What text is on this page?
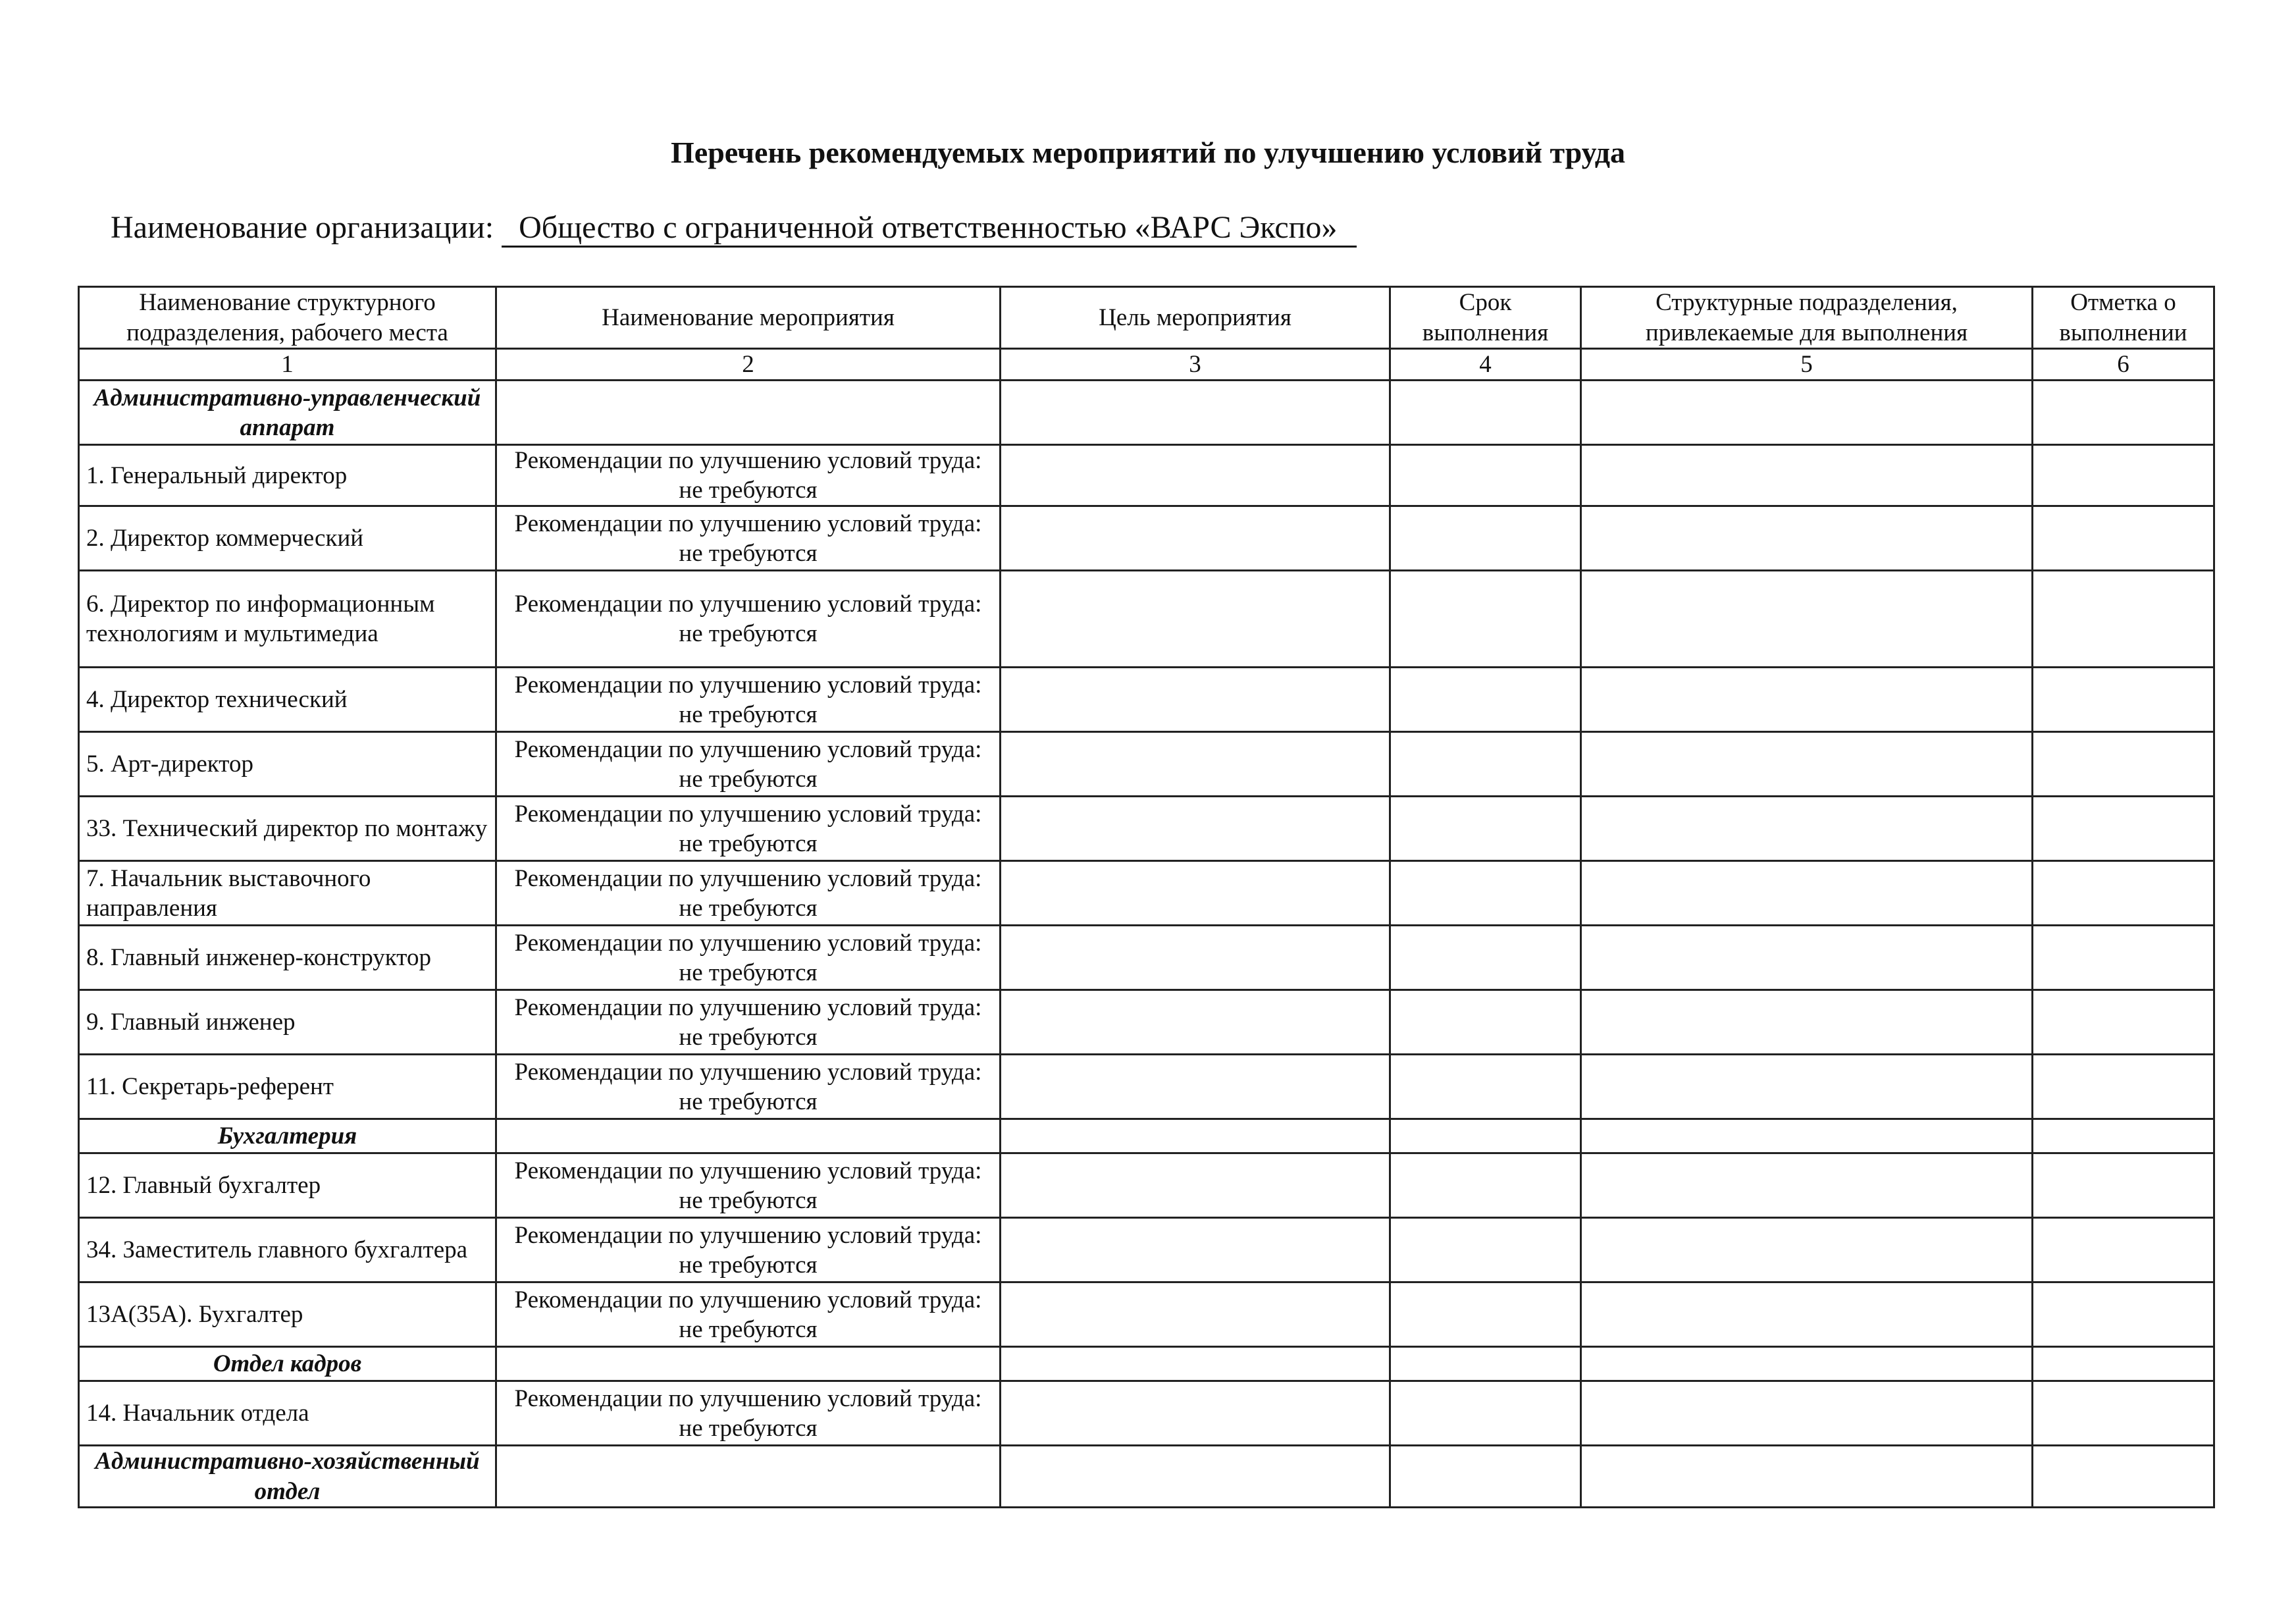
Перечень рекомендуемых мероприятий по улучшению условий труда
Наименование организации: Общество с ограниченной ответственностью «ВАРС Экспо»
Наименование структурного подразделения, рабочего места	Наименование мероприятия	Цель мероприятия	Срок выполнения	Структурные подразделения, привлекаемые для выполнения	Отметка о выполнении
1	2	3	4	5	6
Административно-управленческий аппарат					
1. Генеральный директор	Рекомендации по улучшению условий труда: не требуются				
2. Директор коммерческий	Рекомендации по улучшению условий труда: не требуются				
6. Директор по информационным технологиям и мультимедиа	Рекомендации по улучшению условий труда: не требуются				
4. Директор технический	Рекомендации по улучшению условий труда: не требуются				
5. Арт-директор	Рекомендации по улучшению условий труда: не требуются				
33. Технический директор по монтажу	Рекомендации по улучшению условий труда: не требуются				
7. Начальник выставочного направления	Рекомендации по улучшению условий труда: не требуются				
8. Главный инженер-конструктор	Рекомендации по улучшению условий труда: не требуются				
9. Главный инженер	Рекомендации по улучшению условий труда: не требуются				
11. Секретарь-референт	Рекомендации по улучшению условий труда: не требуются				
Бухгалтерия					
12. Главный бухгалтер	Рекомендации по улучшению условий труда: не требуются				
34. Заместитель главного бухгалтера	Рекомендации по улучшению условий труда: не требуются				
13А(35А). Бухгалтер	Рекомендации по улучшению условий труда: не требуются				
Отдел кадров					
14. Начальник отдела	Рекомендации по улучшению условий труда: не требуются				
Административно-хозяйственный отдел					
